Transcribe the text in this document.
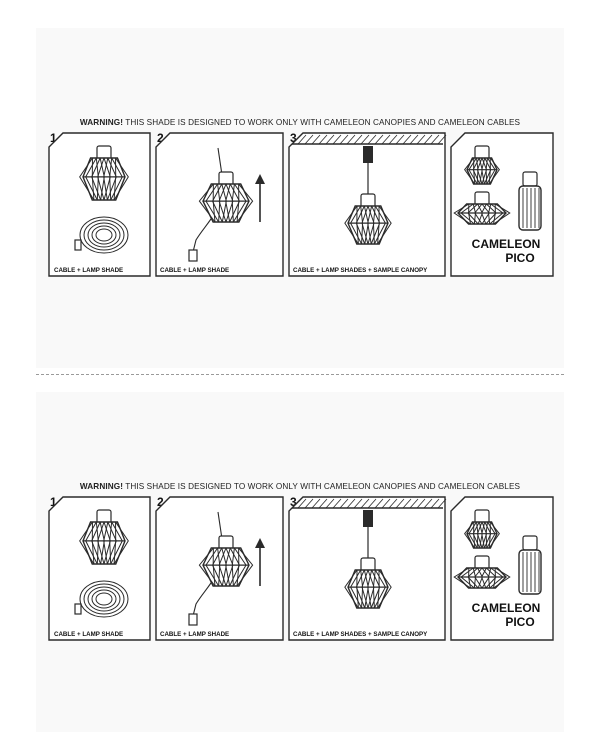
WARNING! THIS SHADE IS DESIGNED TO WORK ONLY WITH CAMELEON CANOPIES AND CAMELEON CABLES
1	2	3
CABLE + LAMP SHADE	CABLE + LAMP SHADE	CABLE + LAMP SHADES + SAMPLE CANOPY
CAMELEON
PICO
WARNING! THIS SHADE IS DESIGNED TO WORK ONLY WITH CAMELEON CANOPIES AND CAMELEON CABLES
1	2	3
CABLE + LAMP SHADE	CABLE + LAMP SHADE	CABLE + LAMP SHADES + SAMPLE CANOPY
CAMELEON
PICO
